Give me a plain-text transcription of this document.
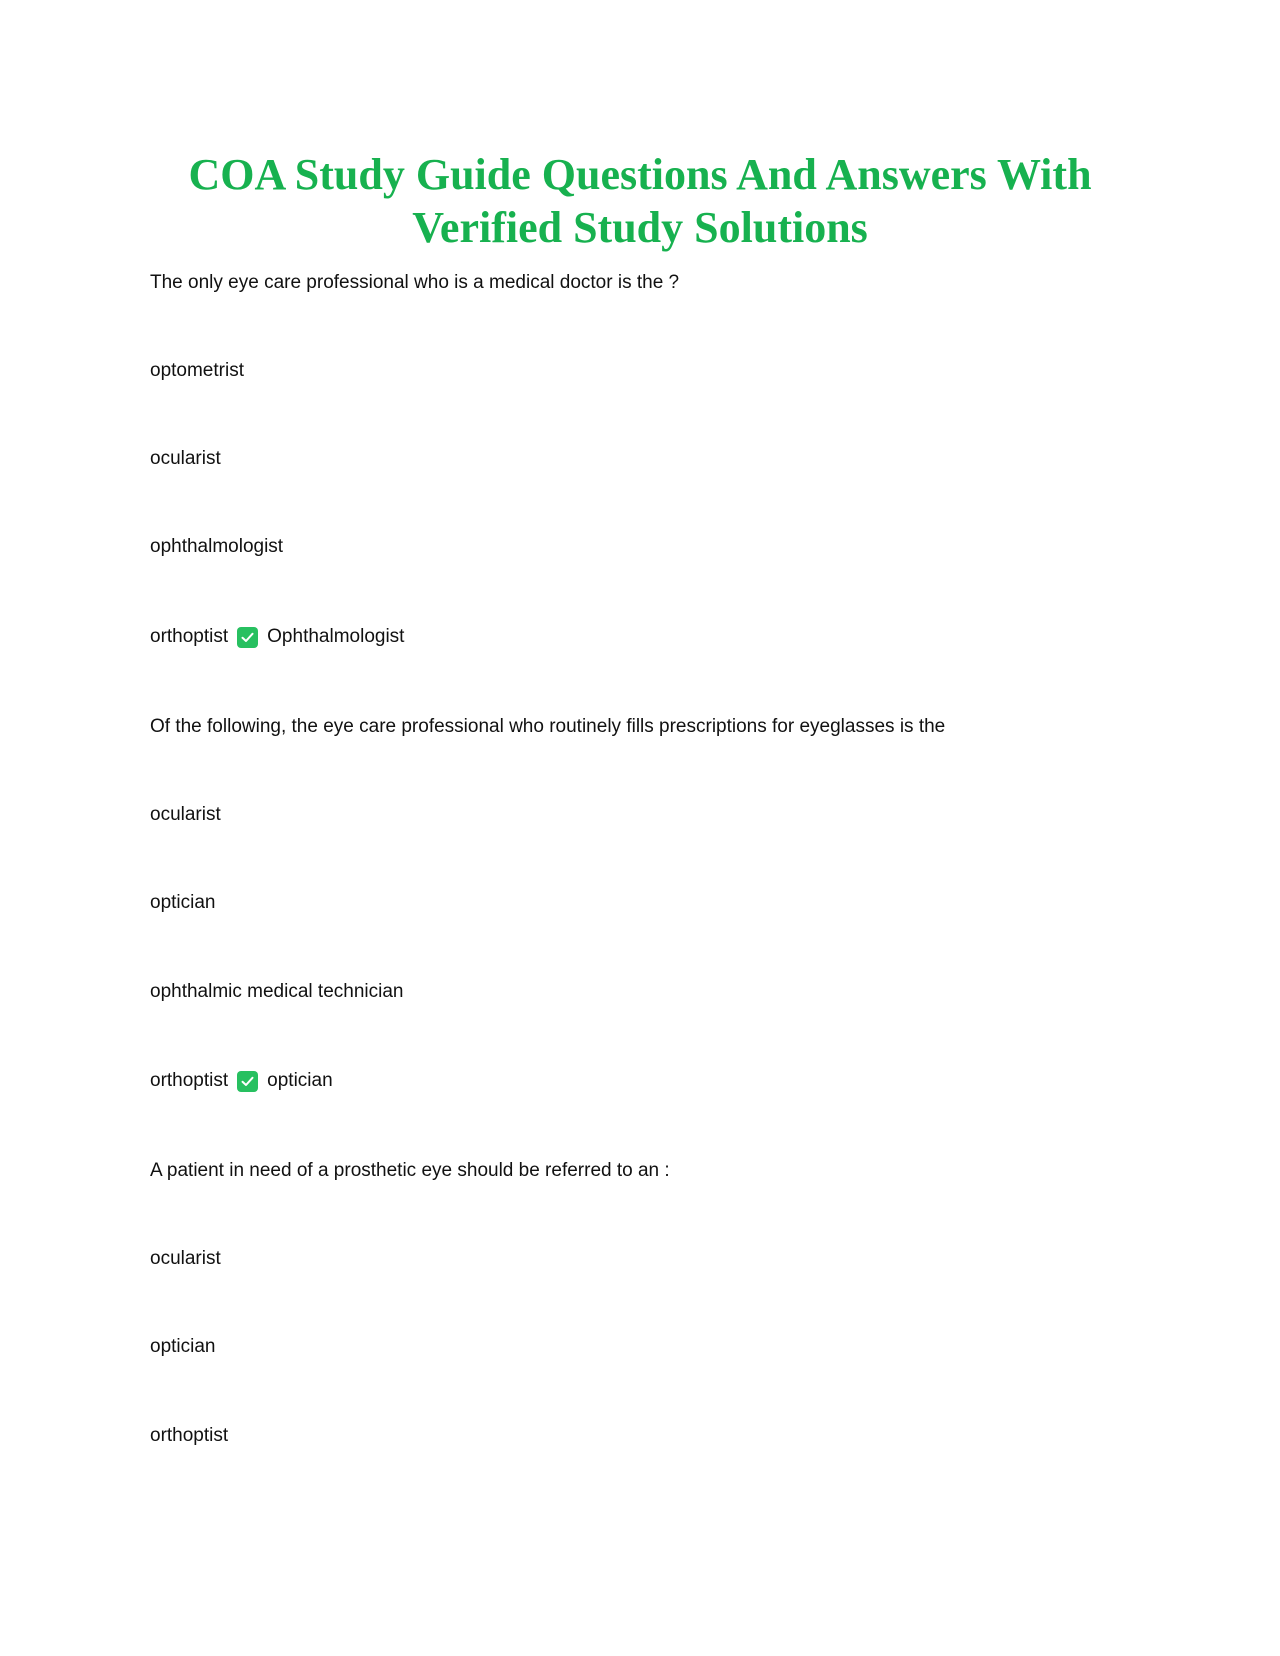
COA Study Guide Questions And Answers With
Verified Study Solutions
The only eye care professional who is a medical doctor is the ?
optometrist
ocularist
ophthalmologist
orthoptist Ophthalmologist
Of the following, the eye care professional who routinely fills prescriptions for eyeglasses is the
ocularist
optician
ophthalmic medical technician
orthoptist optician
A patient in need of a prosthetic eye should be referred to an :
ocularist
optician
orthoptist
